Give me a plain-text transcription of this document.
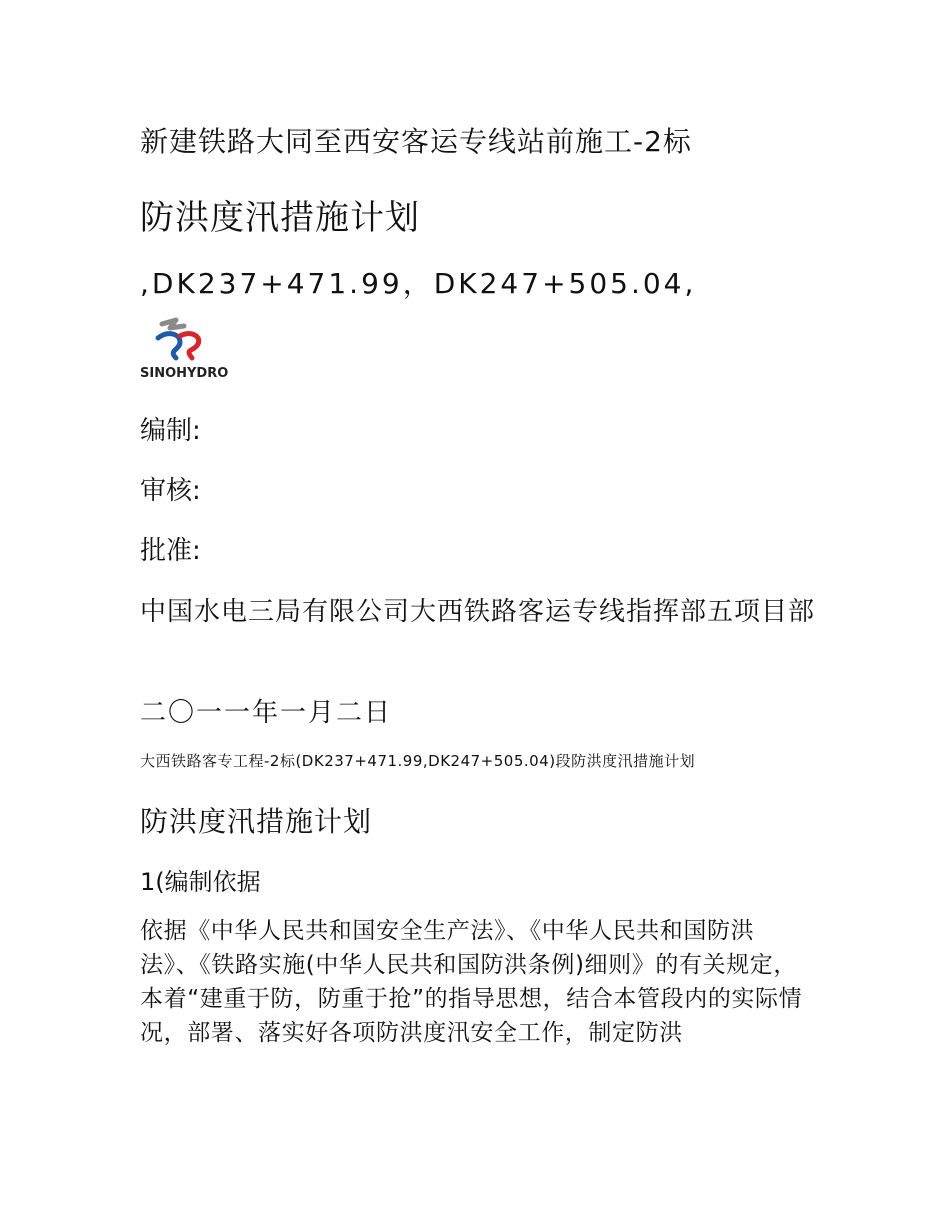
新建铁路大同至西安客运专线站前施工-2标
防洪度汛措施计划
,DK237+471.99，DK247+505.04,
SINOHYDRO
编制:
审核:
批准:
中国水电三局有限公司大西铁路客运专线指挥部五项目部
二〇一一年一月二日
大西铁路客专工程-2标(DK237+471.99,DK247+505.04)段防洪度汛措施计划
防洪度汛措施计划
1(编制依据

依据《中华人民共和国安全生产法》、《中华人民共和国防洪法》、《铁路实施(中华人民共和国防洪条例)细则》的有关规定，本着“建重于防，防重于抢”的指导思想，结合本管段内的实际情况，部署、落实好各项防洪度汛安全工作，制定防洪
